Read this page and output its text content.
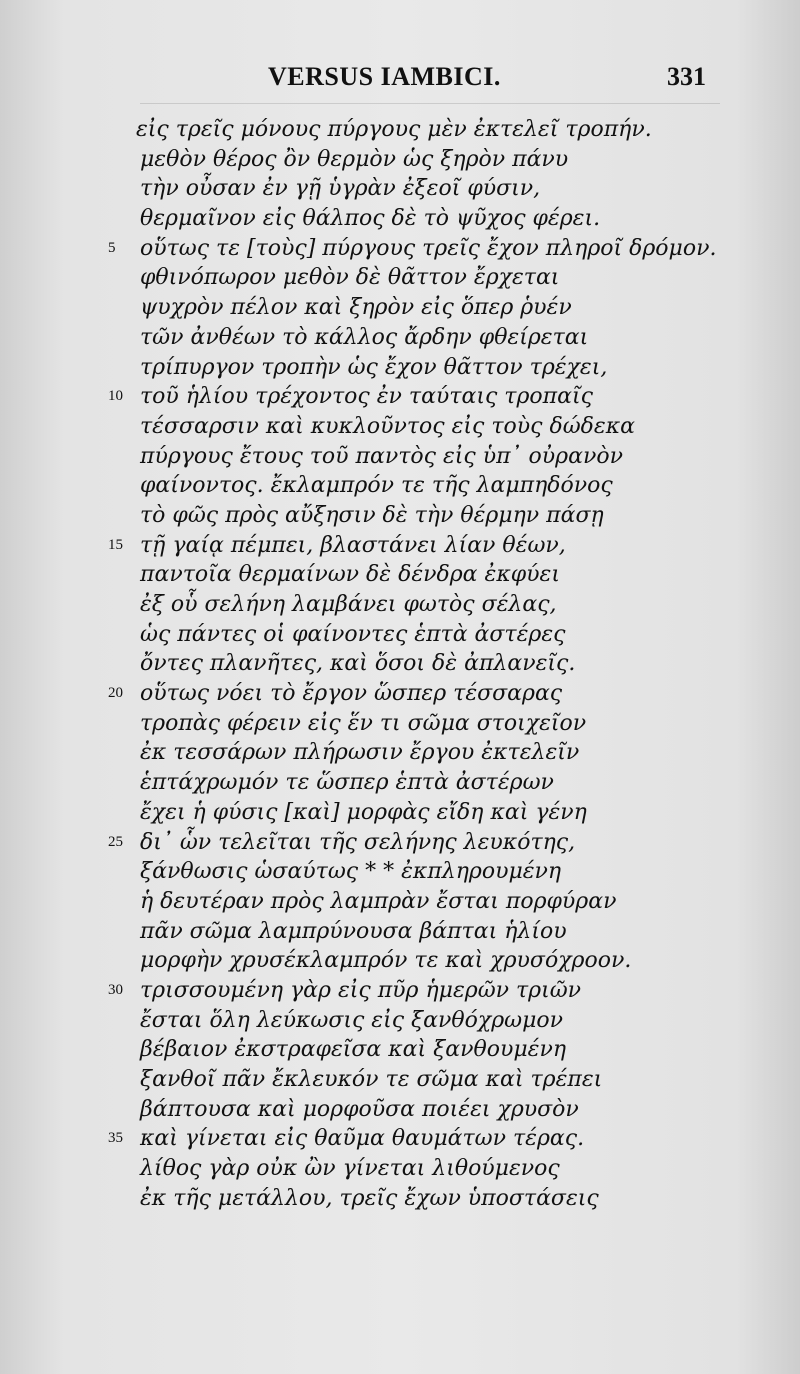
VERSUS IAMBICI.	331
εἰς τρεῖς μόνους πύργους μὲν ἐκτελεῖ τροπήν.
μεθὸν θέρος ὂν θερμὸν ὡς ξηρὸν πάνυ
τὴν οὖσαν ἐν γῇ ὑγρὰν ἐξεοῖ φύσιν,
θερμαῖνον εἰς θάλπος δὲ τὸ ψῦχος φέρει.
5	οὕτως τε [τοὺς] πύργους τρεῖς ἔχον πληροῖ δρόμον.
φθινόπωρον μεθὸν δὲ θᾶττον ἔρχεται
ψυχρὸν πέλον καὶ ξηρὸν εἰς ὅπερ ῥυέν
τῶν ἀνθέων τὸ κάλλος ἄρδην φθείρεται
τρίπυργον τροπὴν ὡς ἔχον θᾶττον τρέχει,
10 τοῦ ἡλίου τρέχοντος ἐν ταύταις τροπαῖς
τέσσαρσιν καὶ κυκλοῦντος εἰς τοὺς δώδεκα
πύργους ἔτους τοῦ παντὸς εἰς ὑπ᾽ οὐρανὸν
φαίνοντος. ἔκλαμπρόν τε τῆς λαμπηδόνος
τὸ φῶς πρὸς αὔξησιν δὲ τὴν θέρμην πάσῃ
15 τῇ γαίᾳ πέμπει, βλαστάνει λίαν θέων,
παντοῖα θερμαίνων δὲ δένδρα ἐκφύει
ἐξ οὗ σελήνη λαμβάνει φωτὸς σέλας,
ὡς πάντες οἱ φαίνοντες ἑπτὰ ἀστέρες
ὄντες πλανῆτες, καὶ ὅσοι δὲ ἀπλανεῖς.
20 οὕτως νόει τὸ ἔργον ὥσπερ τέσσαρας
τροπὰς φέρειν εἰς ἕν τι σῶμα στοιχεῖον
ἐκ τεσσάρων πλήρωσιν ἔργου ἐκτελεῖν
ἑπτάχρωμόν τε ὥσπερ ἑπτὰ ἀστέρων
ἔχει ἡ φύσις [καὶ] μορφὰς εἴδη καὶ γένη
25 δι᾽ ὧν τελεῖται τῆς σελήνης λευκότης,
ξάνθωσις ὡσαύτως * * ἐκπληρουμένη
ἡ δευτέραν πρὸς λαμπρὰν ἔσται πορφύραν
πᾶν σῶμα λαμπρύνουσα βάπται ἡλίου
μορφὴν χρυσέκλαμπρόν τε καὶ χρυσόχροον.
30 τρισσουμένη γὰρ εἰς πῦρ ἡμερῶν τριῶν
ἔσται ὅλη λεύκωσις εἰς ξανθόχρωμον
βέβαιον ἐκστραφεῖσα καὶ ξανθουμένη
ξανθοῖ πᾶν ἔκλευκόν τε σῶμα καὶ τρέπει
βάπτουσα καὶ μορφοῦσα ποιέει χρυσὸν
35 καὶ γίνεται εἰς θαῦμα θαυμάτων τέρας.
λίθος γὰρ οὐκ ὢν γίνεται λιθούμενος
ἐκ τῆς μετάλλου, τρεῖς ἔχων ὑποστάσεις
